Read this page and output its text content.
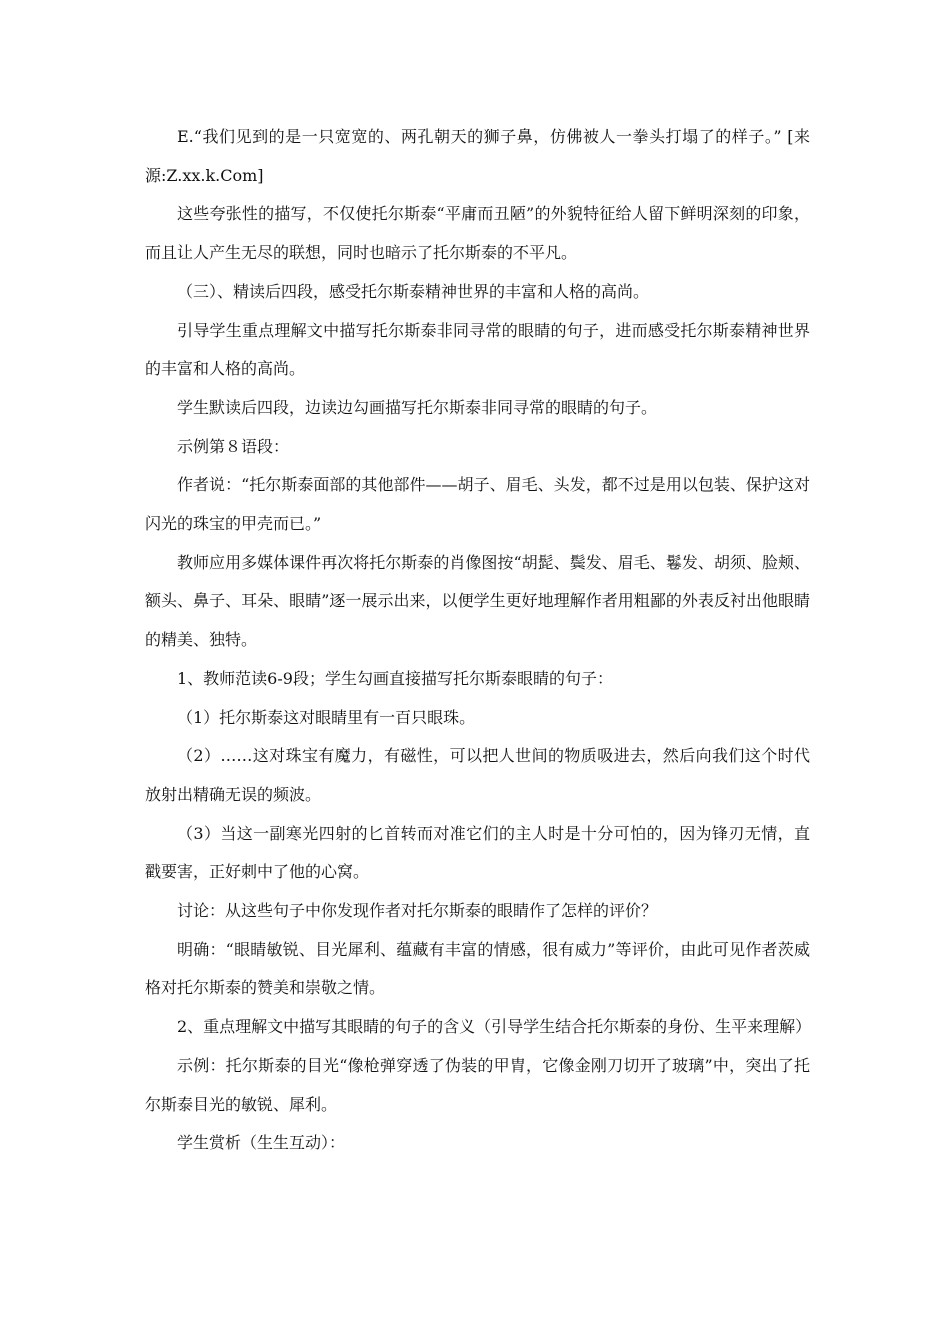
E.“我们见到的是一只宽宽的、两孔朝天的狮子鼻，仿佛被人一拳头打塌了的样子。” [来源:Z.xx.k.Com]

这些夸张性的描写，不仅使托尔斯泰“平庸而丑陋”的外貌特征给人留下鲜明深刻的印象，而且让人产生无尽的联想，同时也暗示了托尔斯泰的不平凡。

（三）、精读后四段，感受托尔斯泰精神世界的丰富和人格的高尚。

引导学生重点理解文中描写托尔斯泰非同寻常的眼睛的句子，进而感受托尔斯泰精神世界的丰富和人格的高尚。

学生默读后四段，边读边勾画描写托尔斯泰非同寻常的眼睛的句子。

示例第８语段：

作者说：“托尔斯泰面部的其他部件——胡子、眉毛、头发，都不过是用以包装、保护这对闪光的珠宝的甲壳而已。”

教师应用多媒体课件再次将托尔斯泰的肖像图按“胡髭、鬓发、眉毛、鬈发、胡须、脸颊、额头、鼻子、耳朵、眼睛”逐一展示出来，以便学生更好地理解作者用粗鄙的外表反衬出他眼睛的精美、独特。

1、教师范读6-9段；学生勾画直接描写托尔斯泰眼睛的句子：

（1）托尔斯泰这对眼睛里有一百只眼珠。

（2）……这对珠宝有魔力，有磁性，可以把人世间的物质吸进去，然后向我们这个时代放射出精确无误的频波。

（3）当这一副寒光四射的匕首转而对准它们的主人时是十分可怕的，因为锋刃无情，直戳要害，正好刺中了他的心窝。

讨论：从这些句子中你发现作者对托尔斯泰的眼睛作了怎样的评价？

明确：“眼睛敏锐、目光犀利、蕴藏有丰富的情感，很有威力”等评价，由此可见作者茨威格对托尔斯泰的赞美和崇敬之情。

2、重点理解文中描写其眼睛的句子的含义（引导学生结合托尔斯泰的身份、生平来理解）

示例：托尔斯泰的目光“像枪弹穿透了伪装的甲胄，它像金刚刀切开了玻璃”中，突出了托尔斯泰目光的敏锐、犀利。

学生赏析（生生互动）：
